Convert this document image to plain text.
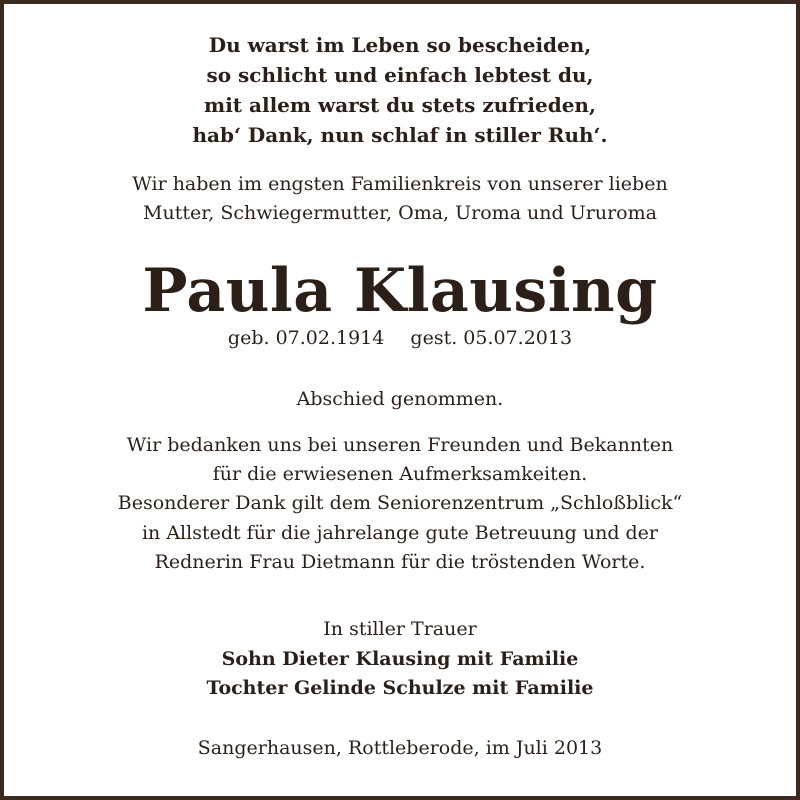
Du warst im Leben so bescheiden,
so schlicht und einfach lebtest du,
mit allem warst du stets zufrieden,
hab‘ Dank, nun schlaf in stiller Ruh‘.
Wir haben im engsten Familienkreis von unserer lieben
Mutter, Schwiegermutter, Oma, Uroma und Ururoma
Paula Klausing
geb. 07.02.1914 gest. 05.07.2013
Abschied genommen.
Wir bedanken uns bei unseren Freunden und Bekannten
für die erwiesenen Aufmerksamkeiten.
Besonderer Dank gilt dem Seniorenzentrum „Schloßblick“
in Allstedt für die jahrelange gute Betreuung und der
Rednerin Frau Dietmann für die tröstenden Worte.
In stiller Trauer
Sohn Dieter Klausing mit Familie
Tochter Gelinde Schulze mit Familie
Sangerhausen, Rottleberode, im Juli 2013
